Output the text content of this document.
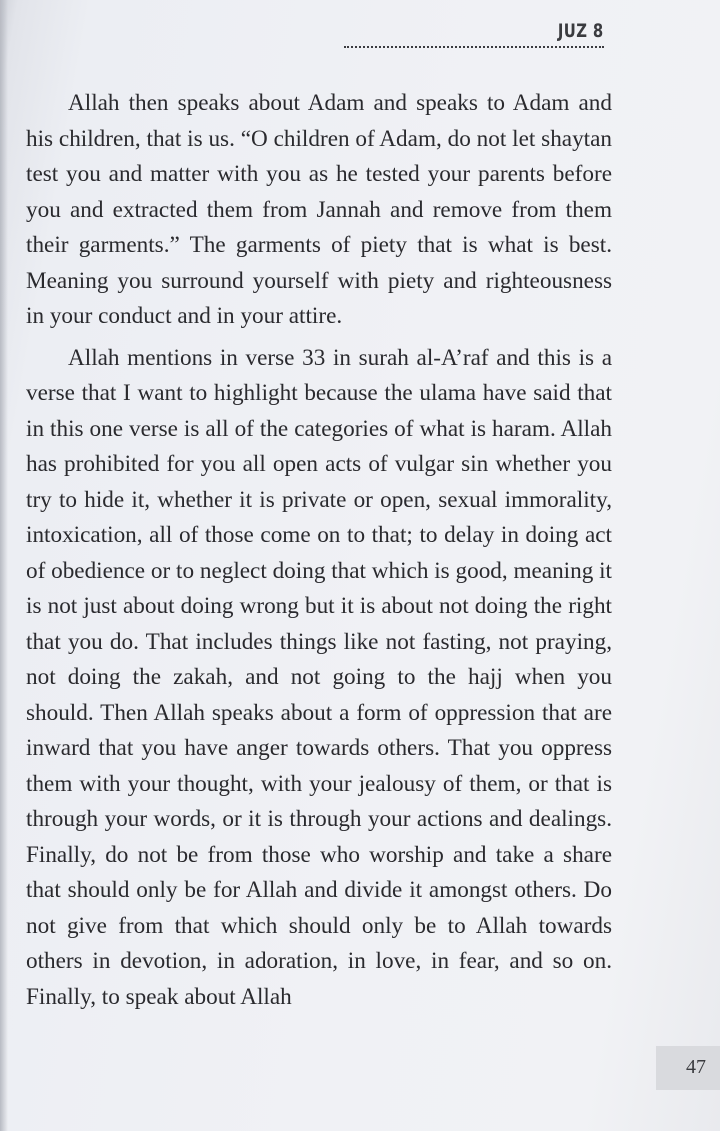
JUZ 8

Allah then speaks about Adam and speaks to Adam and his children, that is us. “O children of Adam, do not let shaytan test you and matter with you as he tested your parents before you and extracted them from Jannah and remove from them their garments.” The garments of piety that is what is best. Meaning you surround yourself with piety and righteousness in your conduct and in your attire.

Allah mentions in verse 33 in surah al-A’raf and this is a verse that I want to highlight because the ulama have said that in this one verse is all of the categories of what is haram. Allah has prohibited for you all open acts of vulgar sin whether you try to hide it, whether it is private or open, sexual immorality, intoxication, all of those come on to that; to delay in doing act of obedience or to neglect doing that which is good, meaning it is not just about doing wrong but it is about not doing the right that you do. That includes things like not fasting, not praying, not doing the zakah, and not going to the hajj when you should. Then Allah speaks about a form of oppression that are inward that you have anger towards others. That you oppress them with your thought, with your jealousy of them, or that is through your words, or it is through your actions and dealings. Finally, do not be from those who worship and take a share that should only be for Allah and divide it amongst others. Do not give from that which should only be to Allah towards others in devotion, in adoration, in love, in fear, and so on. Finally, to speak about Allah

47
